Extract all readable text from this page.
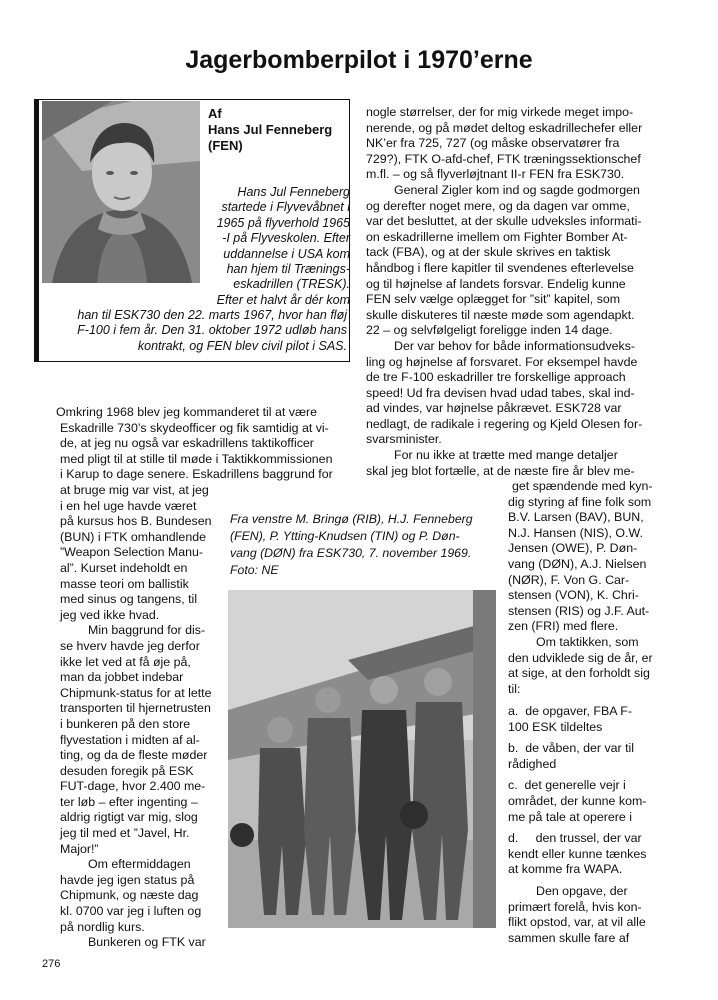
Jagerbomberpilot i 1970’erne
Af
Hans Jul Fenneberg
(FEN)
Hans Jul Fenneberg
startede i Flyvevåbnet i
1965 på flyverhold 1965
-I på Flyveskolen. Efter
uddannelse i USA kom
han hjem til Trænings-
eskadrillen (TRESK).
Efter et halvt år dér kom
han til ESK730 den 22. marts 1967, hvor han fløj
F-100 i fem år. Den 31. oktober 1972 udløb hans
kontrakt, og FEN blev civil pilot i SAS.

Omkring 1968 blev jeg kommanderet til at være

Eskadrille 730’s skydeofficer og fik samtidig at vi-

de, at jeg nu også var eskadrillens taktikofficer

med pligt til at stille til møde i Taktikkommissionen

i Karup to dage senere. Eskadrillens baggrund for

at bruge mig var vist, at jeg

i en hel uge havde været

på kursus hos B. Bundesen

(BUN) i FTK omhandlende

”Weapon Selection Manu-

al”. Kurset indeholdt en

masse teori om ballistik

med sinus og tangens, til

jeg ved ikke hvad.

Min baggrund for dis-

se hverv havde jeg derfor

ikke let ved at få øje på,

man da jobbet indebar

Chipmunk-status for at lette

transporten til hjernetrusten

i bunkeren på den store

flyvestation i midten af al-

ting, og da de fleste møder

desuden foregik på ESK

FUT-dage, hvor 2.400 me-

ter løb – efter ingenting –

aldrig rigtigt var mig, slog

jeg til med et ”Javel, Hr.

Major!”

Om eftermiddagen

havde jeg igen status på

Chipmunk, og næste dag

kl. 0700 var jeg i luften og

på nordlig kurs.

Bunkeren og FTK var

nogle størrelser, der for mig virkede meget impo-

nerende, og på mødet deltog eskadrillechefer eller

NK’er fra 725, 727 (og måske observatører fra

729?), FTK O-afd-chef, FTK træningssektionschef

m.fl. – og så flyverløjtnant II-r FEN fra ESK730.

General Zigler kom ind og sagde godmorgen

og derefter noget mere, og da dagen var omme,

var det besluttet, at der skulle udveksles informati-

on eskadrillerne imellem om Fighter Bomber At-

tack (FBA), og at der skule skrives en taktisk

håndbog i flere kapitler til svendenes efterlevelse

og til højnelse af landets forsvar. Endelig kunne

FEN selv vælge oplægget for ”sit” kapitel, som

skulle diskuteres til næste møde som agendapkt.

22 – og selvfølgeligt foreligge inden 14 dage.

Der var behov for både informationsudveks-

ling og højnelse af forsvaret. For eksempel havde

de tre F-100 eskadriller tre forskellige approach

speed! Ud fra devisen hvad udad tabes, skal ind-

ad vindes, var højnelse påkrævet. ESK728 var

nedlagt, de radikale i regering og Kjeld Olesen for-

svarsminister.

For nu ikke at trætte med mange detaljer

skal jeg blot fortælle, at de næste fire år blev me-

get spændende med kyn-

dig styring af fine folk som

B.V. Larsen (BAV), BUN,

N.J. Hansen (NIS), O.W.

Jensen (OWE), P. Døn-

vang (DØN), A.J. Nielsen

(NØR), F. Von G. Car-

stensen (VON), K. Chri-

stensen (RIS) og J.F. Aut-

zen (FRI) med flere.

Om taktikken, som

den udviklede sig de år, er

at sige, at den forholdt sig

til:

a. de opgaver, FBA F-

100 ESK tildeltes

b. de våben, der var til

rådighed

c. det generelle vejr i

området, der kunne kom-

me på tale at operere i

d. den trussel, der var

kendt eller kunne tænkes

at komme fra WAPA.

Den opgave, der

primært forelå, hvis kon-

flikt opstod, var, at vil alle

sammen skulle fare af

Fra venstre M. Bringø (RIB), H.J. Fenneberg
(FEN), P. Ytting-Knudsen (TIN) og P. Døn-
vang (DØN) fra ESK730, 7. november 1969.
Foto: NE
276
